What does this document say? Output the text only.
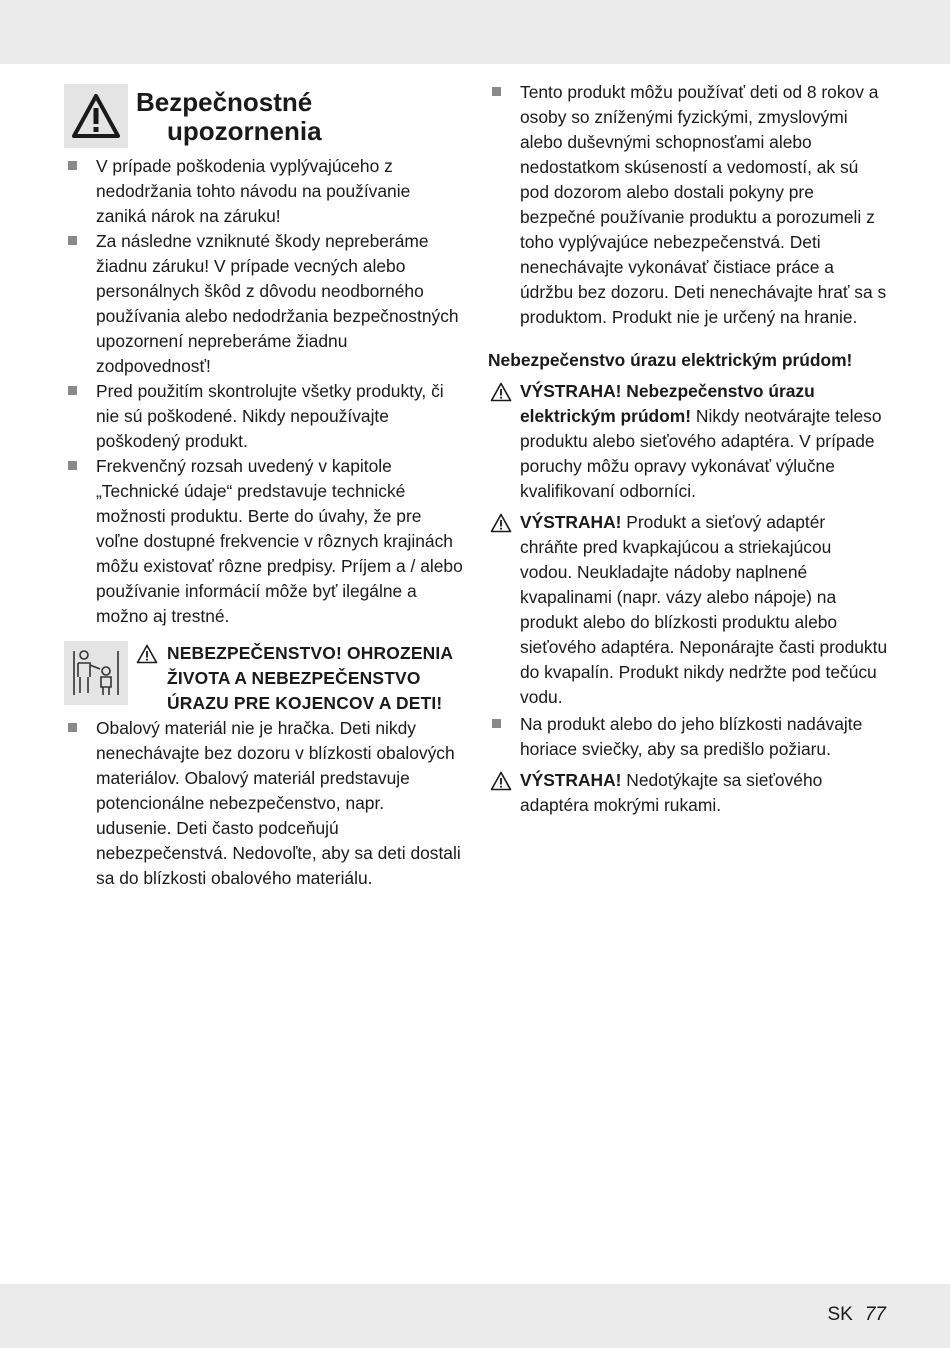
Bezpečnostné
upozornenia

V prípade poškodenia vyplývajúceho z nedodržania tohto návodu na používanie zaniká nárok na záruku!

Za následne vzniknuté škody nepreberáme žiadnu záruku! V prípade vecných alebo personálnych škôd z dôvodu neodborného používania alebo nedodržania bezpečnostných upozornení nepreberáme žiadnu zodpovednosť!

Pred použitím skontrolujte všetky produkty, či nie sú poškodené. Nikdy nepoužívajte poškodený produkt.

Frekvenčný rozsah uvedený v kapitole „Technické údaje“ predstavuje technické možnosti produktu. Berte do úvahy, že pre voľne dostupné frekvencie v rôznych krajinách môžu existovať rôzne predpisy. Príjem a / alebo používanie informácií môže byť ilegálne a možno aj trestné.

NEBEZPEČENSTVO! OHROZENIA ŽIVOTA A NEBEZPEČENSTVO ÚRAZU PRE KOJENCOV A DETI!

Obalový materiál nie je hračka. Deti nikdy nenechávajte bez dozoru v blízkosti obalových materiálov. Obalový materiál predstavuje potencionálne nebezpečenstvo, napr. udusenie. Deti často podceňujú nebezpečenstvá. Nedovoľte, aby sa deti dostali sa do blízkosti obalového materiálu.

Tento produkt môžu používať deti od 8 rokov a osoby so zníženými fyzickými, zmyslovými alebo duševnými schopnosťami alebo nedostatkom skúseností a vedomostí, ak sú pod dozorom alebo dostali pokyny pre bezpečné používanie produktu a porozumeli z toho vyplývajúce nebezpečenstvá. Deti nenechávajte vykonávať čistiace práce a údržbu bez dozoru. Deti nenechávajte hrať sa s produktom. Produkt nie je určený na hranie.

Nebezpečenstvo úrazu elektrickým prúdom!

VÝSTRAHA! Nebezpečenstvo úrazu elektrickým prúdom! Nikdy neotvárajte teleso produktu alebo sieťového adaptéra. V prípade poruchy môžu opravy vykonávať výlučne kvalifikovaní odborníci.

VÝSTRAHA! Produkt a sieťový adaptér chráňte pred kvapkajúcou a striekajúcou vodou. Neukladajte nádoby naplnené kvapalinami (napr. vázy alebo nápoje) na produkt alebo do blízkosti produktu alebo sieťového adaptéra. Neponárajte časti produktu do kvapalín. Produkt nikdy nedržte pod tečúcu vodu.

Na produkt alebo do jeho blízkosti nadávajte horiace sviečky, aby sa predišlo požiaru.

VÝSTRAHA! Nedotýkajte sa sieťového adaptéra mokrými rukami.

SK 77
